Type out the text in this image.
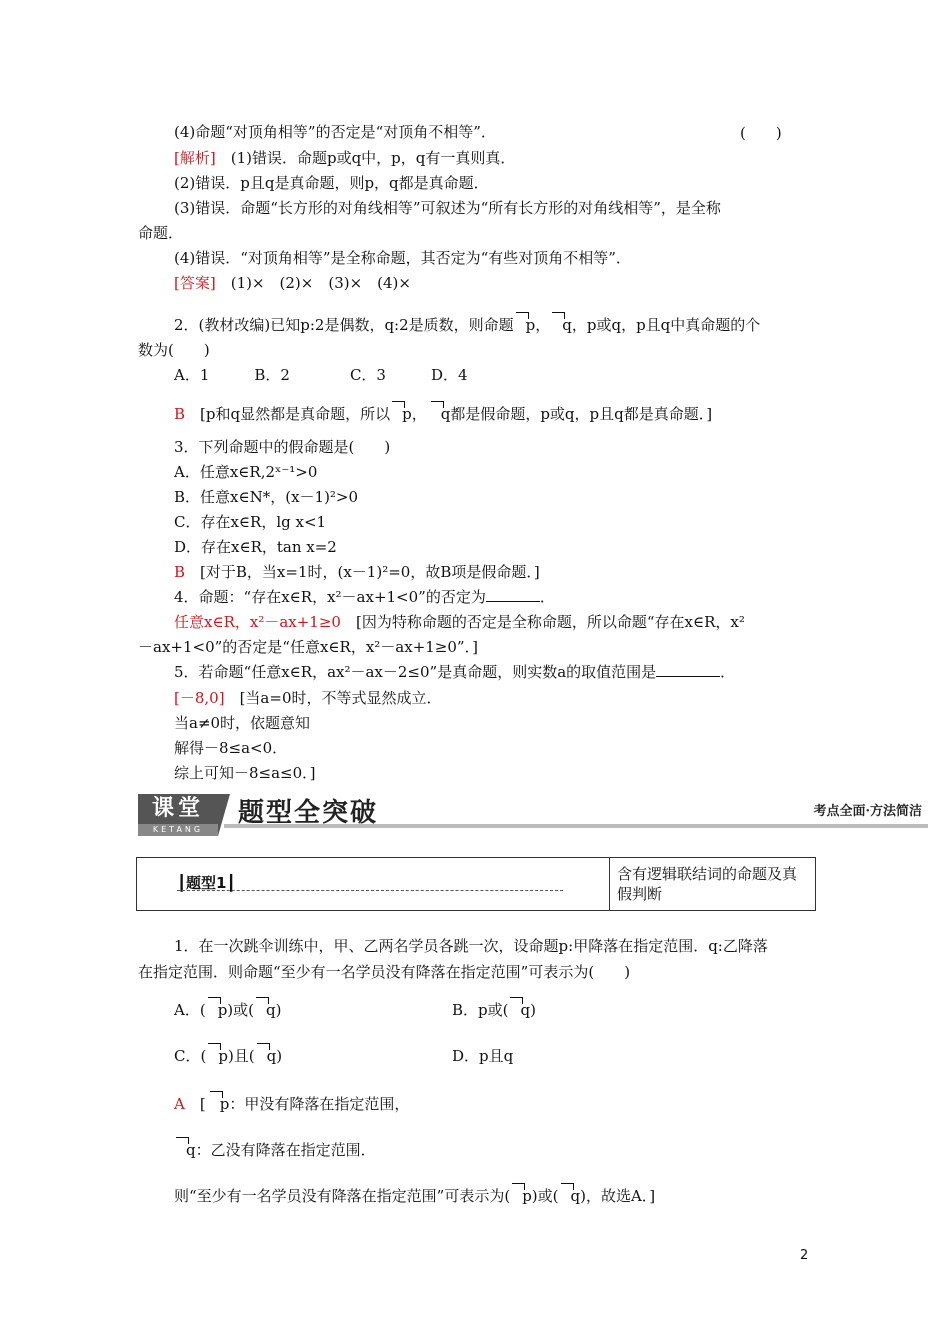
(4)命题“对顶角相等”的否定是“对顶角不相等”．	(　　)
[解析]　(1)错误．命题p或q中，p，q有一真则真．
(2)错误．p且q是真命题，则p，q都是真命题．
(3)错误．命题“长方形的对角线相等”可叙述为“所有长方形的对角线相等”，是全称
命题．
(4)错误．“对顶角相等”是全称命题，其否定为“有些对顶角不相等”．
[答案]　(1)×　(2)×　(3)×　(4)×
2．(教材改编)已知p:2是偶数，q:2是质数，则命题 p， q，p或q，p且q中真命题的个
数为(　　)
A．1　　　B．2　　　　C．3　　　D．4
B　 [p和q显然都是真命题，所以 p， q都是假命题，p或q，p且q都是真命题．]
3．下列命题中的假命题是(　　)
A．任意x∈R,2ˣ⁻¹>0
B．任意x∈N*，(x－1)²>0
C．存在x∈R，lg x<1
D．存在x∈R，tan x=2
B　 [对于B，当x=1时，(x－1)²=0，故B项是假命题．]
4．命题：“存在x∈R，x²－ax+1<0”的否定为	．
任意x∈R，x²－ax+1≥0　 [因为特称命题的否定是全称命题，所以命题“存在x∈R，x²
－ax+1<0”的否定是“任意x∈R，x²－ax+1≥0”．]
5．若命题“任意x∈R，ax²－ax－2≤0”是真命题，则实数a的取值范围是	．
[－8,0]　 [当a=0时，不等式显然成立．
当a≠0时，依题意知
解得－8≤a<0．
综上可知－8≤a≤0．]
课堂
KETANG
题型全突破	考点全面·方法简洁
┃题型1┃	含有逻辑联结词的命题及真假判断
1．在一次跳伞训练中，甲、乙两名学员各跳一次，设命题p:甲降落在指定范围．q:乙降落
在指定范围．则命题“至少有一名学员没有降落在指定范围”可表示为(　　)
A．( p)或( q)	B．p或( q)
C．( p)且( q)	D．p且q
A　 [ p：甲没有降落在指定范围，
q：乙没有降落在指定范围．
则“至少有一名学员没有降落在指定范围”可表示为( p)或( q)，故选A．]
2
